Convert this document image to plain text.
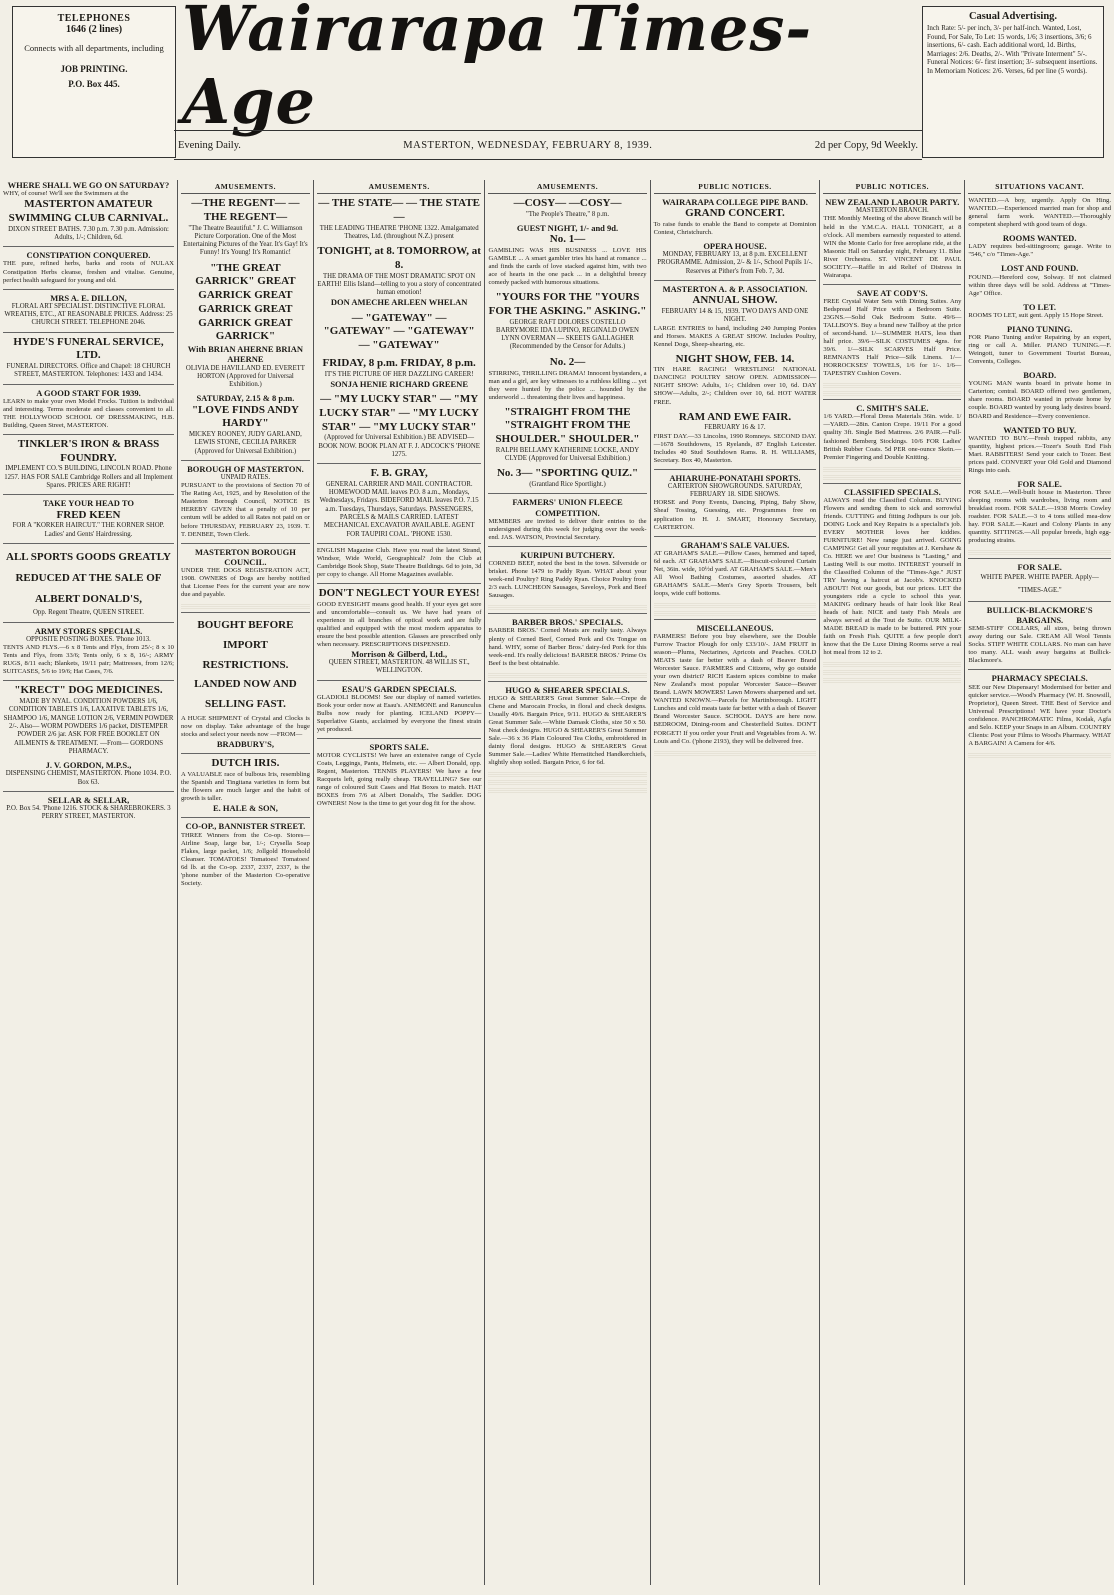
TELEPHONES
1646 (2 lines)
Connects with all departments, including
JOB PRINTING.
P.O. Box 445.
Wairarapa Times-Age
Casual Advertising.
Inch Rate: 5/- per inch, 3/- per half-inch. Wanted, Lost, Found, For Sale, To Let: 15 words, 1/6; 3 insertions, 3/6; 6 insertions, 6/- cash. Each additional word, 1d. Births, Marriages: 2/6. Deaths, 2/-. With "Private Interment" 5/-. Funeral Notices: 6/- first insertion; 3/- subsequent insertions. In Memoriam Notices: 2/6. Verses, 6d per line (5 words).
Evening Daily.	MASTERTON, WEDNESDAY, FEBRUARY 8, 1939.	2d per Copy, 9d Weekly.
WHERE SHALL WE GO ON SATURDAY?
WHY, of course! We'll see the Swimmers at the
MASTERTON AMATEUR SWIMMING CLUB CARNIVAL.
DIXON STREET BATHS. 7.30 p.m. 7.30 p.m. Admission: Adults, 1/-; Children, 6d.
CONSTIPATION CONQUERED.
THE pure, refined herbs, barks and roots of NULAX Constipation Herbs cleanse, freshen and vitalise. Genuine, perfect health safeguard for young and old.
MRS A. E. DILLON,
FLORAL ART SPECIALIST. DISTINCTIVE FLORAL WREATHS, ETC., AT REASONABLE PRICES. Address: 25 CHURCH STREET. TELEPHONE 2046.
HYDE'S FUNERAL SERVICE, LTD.
FUNERAL DIRECTORS. Office and Chapel: 18 CHURCH STREET, MASTERTON. Telephones: 1433 and 1434.
A GOOD START FOR 1939.
LEARN to make your own Model Frocks. Tuition is individual and interesting. Terms moderate and classes convenient to all. THE HOLLYWOOD SCHOOL OF DRESSMAKING, H.B. Building, Queen Street, MASTERTON.
TINKLER'S IRON & BRASS FOUNDRY.
IMPLEMENT CO.'S BUILDING, LINCOLN ROAD. Phone 1257. HAS FOR SALE Cambridge Rollers and all Implement Spares. PRICES ARE RIGHT!
TAKE YOUR HEAD TO
FRED KEEN
FOR A "KORKER HAIRCUT." THE KORNER SHOP. Ladies' and Gents' Hairdressing.
ALL SPORTS GOODS GREATLY REDUCED AT THE SALE OF ALBERT DONALD'S,
Opp. Regent Theatre, QUEEN STREET.
ARMY STORES SPECIALS.
OPPOSITE POSTING BOXES. 'Phone 1013.
TENTS AND FLYS.—6 x 8 Tents and Flys, from 25/-; 8 x 10 Tents and Flys, from 33/6; Tents only, 6 x 8, 16/-; ARMY RUGS, 8/11 each; Blankets, 19/11 pair; Mattresses, from 12/6; SUITCASES, 5/6 to 19/6; Hat Cases, 7/6.
"KRECT" DOG MEDICINES.
MADE BY NYAL. CONDITION POWDERS 1/6, CONDITION TABLETS 1/6, LAXATIVE TABLETS 1/6, SHAMPOO 1/6, MANGE LOTION 2/6, VERMIN POWDER 2/-. Also— WORM POWDERS 1/6 packet, DISTEMPER POWDER 2/6 jar. ASK FOR FREE BOOKLET ON AILMENTS & TREATMENT. —From— GORDONS PHARMACY.
J. V. GORDON, M.P.S.,
DISPENSING CHEMIST, MASTERTON. Phone 1034. P.O. Box 63.
SELLAR & SELLAR,
P.O. Box 54. 'Phone 1216. STOCK & SHAREBROKERS. 3 PERRY STREET, MASTERTON.
AMUSEMENTS.
—THE REGENT— —THE REGENT—
"The Theatre Beautiful." J. C. Williamson Picture Corporation. One of the Most Entertaining Pictures of the Year. It's Gay! It's Funny! It's Young! It's Romantic!
"THE GREAT GARRICK" GREAT GARRICK GREAT GARRICK GREAT GARRICK GREAT GARRICK"
With BRIAN AHERNE BRIAN AHERNE
OLIVIA DE HAVILLAND ED. EVERETT HORTON (Approved for Universal Exhibition.)
SATURDAY, 2.15 & 8 p.m.
"LOVE FINDS ANDY HARDY"
MICKEY ROONEY, JUDY GARLAND, LEWIS STONE, CECILIA PARKER (Approved for Universal Exhibition.)
BOROUGH OF MASTERTON.
UNPAID RATES.
PURSUANT to the provisions of Section 70 of The Rating Act, 1925, and by Resolution of the Masterton Borough Council, NOTICE IS HEREBY GIVEN that a penalty of 10 per centum will be added to all Rates not paid on or before THURSDAY, FEBRUARY 23, 1939. T. T. DENBEE, Town Clerk.
MASTERTON BOROUGH COUNCIL.
UNDER THE DOGS REGISTRATION ACT, 1908. OWNERS of Dogs are hereby notified that License Fees for the current year are now due and payable.
BOUGHT BEFORE IMPORT RESTRICTIONS. LANDED NOW AND SELLING FAST.
A HUGE SHIPMENT of Crystal and Clocks is now on display. Take advantage of the huge stocks and select your needs now —FROM—
BRADBURY'S,
DUTCH IRIS.
A VALUABLE race of bulbous Iris, resembling the Spanish and Tingitana varieties in form but the flowers are much larger and the habit of growth is taller.
E. HALE & SON,
CO-OP., BANNISTER STREET.
THREE Winners from the Co-op. Stores—Airline Soap, large bar, 1/-; Crysella Soap Flakes, large packet, 1/6; Jollgold Household Cleanser. TOMATOES! Tomatoes! Tomatoes! 6d lb. at the Co-op. 2337, 2337, 2337, is the 'phone number of the Masterton Co-operative Society.
AMUSEMENTS.
— THE STATE— — THE STATE—
THE LEADING THEATRE 'PHONE 1322. Amalgamated Theatres, Ltd. (throughout N.Z.) present
TONIGHT, at 8. TOMORROW, at 8.
THE DRAMA OF THE MOST DRAMATIC SPOT ON EARTH! Ellis Island—telling to you a story of concentrated human emotion!
DON AMECHE ARLEEN WHELAN
— "GATEWAY" — "GATEWAY" — "GATEWAY" — "GATEWAY"
FRIDAY, 8 p.m. FRIDAY, 8 p.m.
IT'S THE PICTURE OF HER DAZZLING CAREER!
SONJA HENIE RICHARD GREENE
— "MY LUCKY STAR" — "MY LUCKY STAR" — "MY LUCKY STAR" — "MY LUCKY STAR"
(Approved for Universal Exhibition.) BE ADVISED—BOOK NOW. BOOK PLAN AT F. J. ADCOCK'S 'PHONE 1275.
F. B. GRAY,
GENERAL CARRIER AND MAIL CONTRACTOR. HOMEWOOD MAIL leaves P.O. 8 a.m., Mondays, Wednesdays, Fridays. BIDEFORD MAIL leaves P.O. 7.15 a.m. Tuesdays, Thursdays, Saturdays. PASSENGERS, PARCELS & MAILS CARRIED. LATEST MECHANICAL EXCAVATOR AVAILABLE. AGENT FOR TAUPIRI COAL. 'PHONE 1530.
ENGLISH Magazine Club. Have you read the latest Strand, Windsor, Wide World, Geographical? Join the Club at Cambridge Book Shop, State Theatre Buildings. 6d to join, 3d per copy to change. All Home Magazines available.
DON'T NEGLECT YOUR EYES!
GOOD EYESIGHT means good health. If your eyes get sore and uncomfortable—consult us. We have had years of experience in all branches of optical work and are fully qualified and equipped with the most modern apparatus to ensure the best possible attention. Glasses are prescribed only when necessary. PRESCRIPTIONS DISPENSED.
Morrison & Gilberd, Ltd.,
QUEEN STREET, MASTERTON. 48 WILLIS ST., WELLINGTON.
ESAU'S GARDEN SPECIALS.
GLADIOLI BLOOMS! See our display of named varieties. Book your order now at Esau's. ANEMONE and Ranunculus Bulbs now ready for planting. ICELAND POPPY—Superlative Giants, acclaimed by everyone the finest strain yet produced.
SPORTS SALE.
MOTOR CYCLISTS! We have an extensive range of Cycle Coats, Leggings, Pants, Helmets, etc. — Albert Donald, opp. Regent, Masterton. TENNIS PLAYERS! We have a few Racquets left, going really cheap. TRAVELLING? See our range of coloured Suit Cases and Hat Boxes to match. HAT BOXES from 7/6 at Albert Donald's, The Saddler. DOG OWNERS! Now is the time to get your dog fit for the show.
AMUSEMENTS.
—COSY— —COSY—
"The People's Theatre," 8 p.m.
GUEST NIGHT, 1/- and 9d.
No. 1—
GAMBLING WAS HIS BUSINESS ... LOVE HIS GAMBLE ... A smart gambler tries his hand at romance ... and finds the cards of love stacked against him, with two ace of hearts in the one pack ... in a delightful breezy comedy packed with humorous situations.
"YOURS FOR THE "YOURS FOR THE ASKING." ASKING."
GEORGE RAFT DOLORES COSTELLO BARRYMORE IDA LUPINO, REGINALD OWEN LYNN OVERMAN — SKEETS GALLAGHER (Recommended by the Censor for Adults.)
No. 2—
STIRRING, THRILLING DRAMA! Innocent bystanders, a man and a girl, are key witnesses to a ruthless killing ... yet they were hunted by the police ... hounded by the underworld ... threatening their lives and happiness.
"STRAIGHT FROM THE "STRAIGHT FROM THE SHOULDER." SHOULDER."
RALPH BELLAMY KATHERINE LOCKE, ANDY CLYDE (Approved for Universal Exhibition.)
No. 3— "SPORTING QUIZ."
(Grantland Rice Sportlight.)
FARMERS' UNION FLEECE COMPETITION.
MEMBERS are invited to deliver their entries to the undersigned during this week for judging over the week-end. JAS. WATSON, Provincial Secretary.
KURIPUNI BUTCHERY.
CORNED BEEF, noted the best in the town. Silverside or brisket. Phone 1479 to Paddy Ryan. WHAT about your week-end Poultry? Ring Paddy Ryan. Choice Poultry from 2/3 each. LUNCHEON Sausages, Saveloys, Pork and Beef Sausages.
BARBER BROS.' SPECIALS.
BARBER BROS.' Corned Meats are really tasty. Always plenty of Corned Beef, Corned Pork and Ox Tongue on hand. WHY, some of Barber Bros.' dairy-fed Pork for this week-end. It's really delicious! BARBER BROS.' Prime Ox Beef is the best obtainable.
HUGO & SHEARER SPECIALS.
HUGO & SHEARER'S Great Summer Sale.—Crepe de Chene and Marocain Frocks, in floral and check designs. Usually 49/6. Bargain Price, 9/11. HUGO & SHEARER'S Great Summer Sale.—White Damask Cloths, size 50 x 50. Neat check designs. HUGO & SHEARER'S Great Summer Sale.—36 x 36 Plain Coloured Tea Cloths, embroidered in dainty floral designs. HUGO & SHEARER'S Great Summer Sale.—Ladies' White Hemstitched Handkerchiefs, slightly shop soiled. Bargain Price, 6 for 6d.
PUBLIC NOTICES.
WAIRARAPA COLLEGE PIPE BAND.
GRAND CONCERT.
To raise funds to enable the Band to compete at Dominion Contest, Christchurch.
OPERA HOUSE.
MONDAY, FEBRUARY 13, at 8 p.m. EXCELLENT PROGRAMME. Admission, 2/- & 1/-, School Pupils 1/-. Reserves at Pither's from Feb. 7, 3d.
MASTERTON A. & P. ASSOCIATION.
ANNUAL SHOW.
FEBRUARY 14 & 15, 1939. TWO DAYS AND ONE NIGHT.
LARGE ENTRIES to hand, including 240 Jumping Ponies and Horses. MAKES A GREAT SHOW. Includes Poultry, Kennel Dogs, Sheep-shearing, etc.
NIGHT SHOW, FEB. 14.
TIN HARE RACING! WRESTLING! NATIONAL DANCING! POULTRY SHOW OPEN. ADMISSION—NIGHT SHOW: Adults, 1/-; Children over 10, 6d. DAY SHOW—Adults, 2/-; Children over 10, 6d. HOT WATER FREE.
RAM AND EWE FAIR.
FEBRUARY 16 & 17.
FIRST DAY.—33 Lincolns, 1990 Romneys. SECOND DAY.—1678 Southdowns, 15 Ryelands, 87 English Leicester. Includes 40 Stud Southdown Rams. R. H. WILLIAMS, Secretary. Box 40, Masterton.
AHIARUHE-PONATAHI SPORTS.
CARTERTON SHOWGROUNDS. SATURDAY, FEBRUARY 18. SIDE SHOWS.
HORSE and Pony Events, Dancing, Piping, Baby Show, Sheaf Tossing, Guessing, etc. Programmes free on application to H. J. SMART, Honorary Secretary, CARTERTON.
GRAHAM'S SALE VALUES.
AT GRAHAM'S SALE.—Pillow Cases, hemmed and taped, 6d each. AT GRAHAM'S SALE.—Biscuit-coloured Curtain Net, 36in. wide, 10½d yard. AT GRAHAM'S SALE.—Men's All Wool Bathing Costumes, assorted shades. AT GRAHAM'S SALE.—Men's Grey Sports Trousers, belt loops, wide cuff bottoms.
MISCELLANEOUS.
FARMERS! Before you buy elsewhere, see the Double Furrow Tractor Plough for only £33/10/-. JAM FRUIT in season—Plums, Nectarines, Apricots and Peaches. COLD MEATS taste far better with a dash of Beaver Brand Worcester Sauce. FARMERS and Citizens, why go outside your own district? RICH Eastern spices combine to make New Zealand's most popular Worcester Sauce—Beaver Brand. LAWN MOWERS! Lawn Mowers sharpened and set. WANTED KNOWN.—Parcels for Martinborough. LIGHT Lunches and cold meats taste far better with a dash of Beaver Brand Worcester Sauce. SCHOOL DAYS are here now. BEDROOM, Dining-room and Chesterfield Suites. DON'T FORGET! If you order your Fruit and Vegetables from A. W. Louis and Co. ('phone 2193), they will be delivered free.
PUBLIC NOTICES.
NEW ZEALAND LABOUR PARTY.
MASTERTON BRANCH.
THE Monthly Meeting of the above Branch will be held in the Y.M.C.A. HALL TONIGHT, at 8 o'clock. All members earnestly requested to attend. WIN the Monte Carlo for free aeroplane ride, at the Masonic Hall on Saturday night, February 11. Blue River Orchestra. ST. VINCENT DE PAUL SOCIETY.—Raffle in aid Relief of Distress in Wairarapa.
SAVE AT CODY'S.
FREE Crystal Water Sets with Dining Suites. Any Bedspread Half Price with a Bedroom Suite. 23GNS.—Solid Oak Bedroom Suite. 49/6—TALLBOYS. Buy a brand new Tallboy at the price of second-hand. 1/—SUMMER HATS, less than half price. 39/6—SILK COSTUMES 4gns. for 39/6. 1/—SILK SCARVES Half Price. REMNANTS Half Price—Silk Linens. 1/—HORROCKSES' TOWELS, 1/6 for 1/-. 1/6—TAPESTRY Cushion Covers.
C. SMITH'S SALE.
1/6 YARD.—Floral Dress Materials 36in. wide. 1/—YARD.—28in. Canton Crepe. 19/11 For a good quality 3ft. Single Bed Mattress. 2/6 PAIR.—Full-fashioned Bemberg Stockings. 10/6 FOR Ladies' British Rubber Coats. 5d PER one-ounce Skein.—Premier Fingering and Double Knitting.
CLASSIFIED SPECIALS.
ALWAYS read the Classified Column. BUYING Flowers and sending them to sick and sorrowful friends. CUTTING and fitting Jodhpurs is our job. DOING Lock and Key Repairs is a specialist's job. EVERY MOTHER loves her kiddies. FURNITURE! New range just arrived. GOING CAMPING! Get all your requisites at J. Kershaw & Co. HERE we are! Our business is "Lasting," and Lasting Well is our motto. INTEREST yourself in the Classified Column of the "Times-Age." JUST TRY having a haircut at Jacob's. KNOCKED ABOUT! Not our goods, but our prices. LET the youngsters ride a cycle to school this year. MAKING ordinary heads of hair look like Real heads of hair. NICE and tasty Fish Meals are always served at the Tout de Suite. OUR MILK-MADE BREAD is made to be buttered. PIN your faith on Fresh Fish. QUITE a few people don't know that the De Luxe Dining Rooms serve a real hot meal from 12 to 2.
SITUATIONS VACANT.
WANTED.—A boy, urgently. Apply On Hing. WANTED.—Experienced married man for shop and general farm work. WANTED.—Thoroughly competent shepherd with good team of dogs.
ROOMS WANTED.
LADY requires bed-sittingroom; garage. Write to "546," c/o "Times-Age."
LOST AND FOUND.
FOUND.—Hereford cow, Solway. If not claimed within three days will be sold. Address at "Times-Age" Office.
TO LET.
ROOMS TO LET, suit gent. Apply 15 Hope Street.
PIANO TUNING.
FOR Piano Tuning and/or Repairing by an expert, ring or call A. Miller. PIANO TUNING.—F. Weingott, tuner to Government Tourist Bureau, Convents, Colleges.
BOARD.
YOUNG MAN wants board in private home in Carterton; central. BOARD offered two gentlemen, share rooms. BOARD wanted in private home by couple. BOARD wanted by young lady desires board. BOARD and Residence—Every convenience.
WANTED TO BUY.
WANTED TO BUY.—Fresh trapped rabbits, any quantity, highest prices.—Tozer's South End Fish Mart. RABBITERS! Send your catch to Tozer. Best prices paid. CONVERT your Old Gold and Diamond Rings into cash.
FOR SALE.
FOR SALE.—Well-built house in Masterton. Three sleeping rooms with wardrobes, living room and breakfast room. FOR SALE.—1938 Morris Cowley roadster. FOR SALE.—3 to 4 tons stilled mea-dow hay. FOR SALE.—Kauri and Colony Plants in any quantity. SITTINGS.—All popular breeds, high egg-producing strains.
FOR SALE.
WHITE PAPER. WHITE PAPER. Apply— "TIMES-AGE."
BULLICK-BLACKMORE'S BARGAINS.
SEMI-STIFF COLLARS, all sizes, being thrown away during our Sale. CREAM All Wool Tennis Socks. STIFF WHITE COLLARS. No man can have too many. ALL wash away bargains at Bullick-Blackmore's.
PHARMACY SPECIALS.
SEE our New Dispensary! Modernised for better and quicker service.—Wood's Pharmacy (W. H. Snowsill, Proprietor), Queen Street. THE Best of Service and Universal Prescriptions! WE have your Doctor's confidence. PANCHROMATIC Films, Kodak, Agfa and Selo. KEEP your Snaps in an Album. COUNTRY Clients: Post your Films to Wood's Pharmacy. WHAT A BARGAIN! A Camera for 4/6.
